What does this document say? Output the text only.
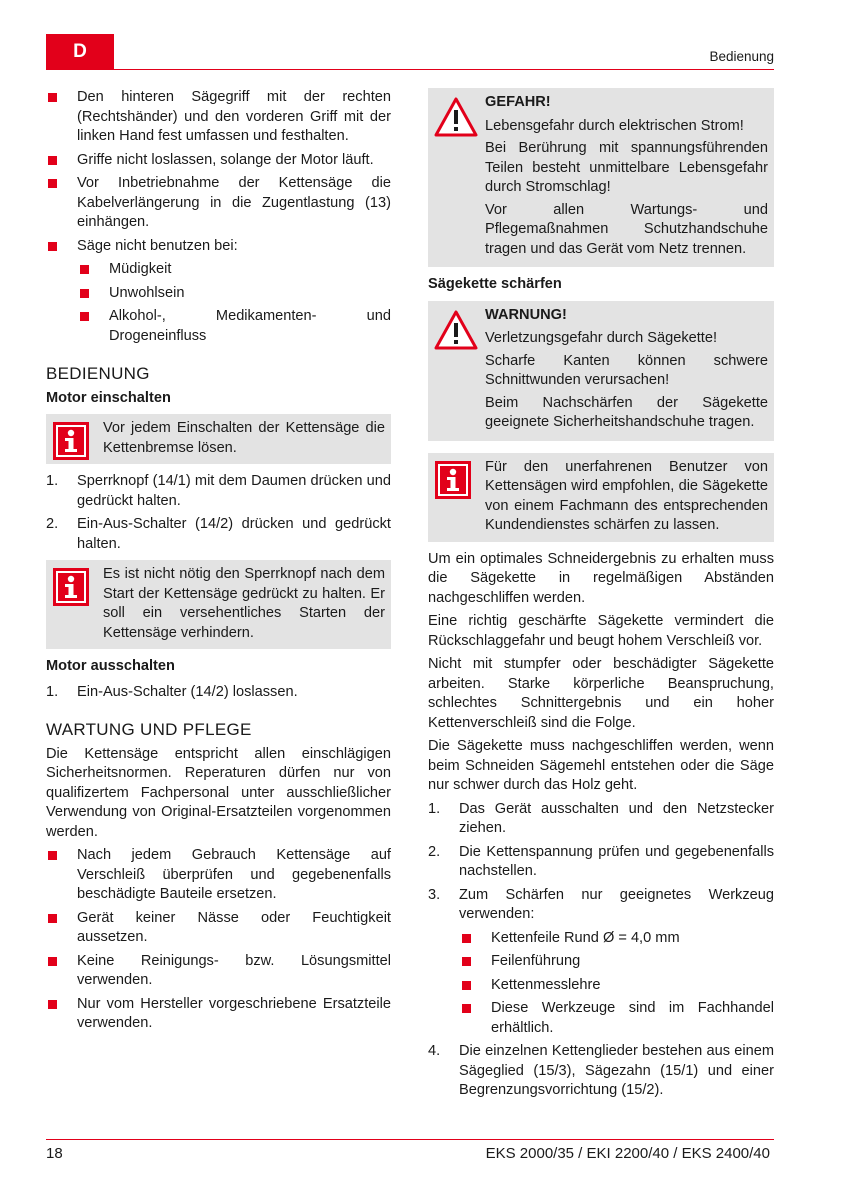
D	Bedienung
Den hinteren Sägegriff mit der rechten (Rechtshänder) und den vorderen Griff mit der linken Hand fest umfassen und festhalten.
Griffe nicht loslassen, solange der Motor läuft.
Vor Inbetriebnahme der Kettensäge die Kabelverlängerung in die Zugentlastung (13) einhängen.
Säge nicht benutzen bei:
Müdigkeit
Unwohlsein
Alkohol-, Medikamenten- und Drogeneinfluss
BEDIENUNG
Motor einschalten

Vor jedem Einschalten der Kettensäge die Kettenbremse lösen.

1. Sperrknopf (14/1) mit dem Daumen drücken und gedrückt halten.
2. Ein-Aus-Schalter (14/2) drücken und gedrückt halten.

Es ist nicht nötig den Sperrknopf nach dem Start der Kettensäge gedrückt zu halten. Er soll ein versehentliches Starten der Kettensäge verhindern.

Motor ausschalten
1. Ein-Aus-Schalter (14/2) loslassen.
WARTUNG UND PFLEGE

Die Kettensäge entspricht allen einschlägigen Sicherheitsnormen. Reperaturen dürfen nur von qualifizertem Fachpersonal unter ausschließlicher Verwendung von Original-Ersatzteilen vorgenommen werden.

Nach jedem Gebrauch Kettensäge auf Verschleiß überprüfen und gegebenenfalls beschädigte Bauteile ersetzen.
Gerät keiner Nässe oder Feuchtigkeit aussetzen.
Keine Reinigungs- bzw. Lösungsmittel verwenden.
Nur vom Hersteller vorgeschriebene Ersatzteile verwenden.

GEFAHR!

Lebensgefahr durch elektrischen Strom!

Bei Berührung mit spannungsführenden Teilen besteht unmittelbare Lebensgefahr durch Stromschlag!

Vor allen Wartungs- und Pflegemaßnahmen Schutzhandschuhe tragen und das Gerät vom Netz trennen.

Sägekette schärfen

WARNUNG!

Verletzungsgefahr durch Sägekette!

Scharfe Kanten können schwere Schnittwunden verursachen!

Beim Nachschärfen der Sägekette geeignete Sicherheitshandschuhe tragen.

Für den unerfahrenen Benutzer von Kettensägen wird empfohlen, die Sägekette von einem Fachmann des entsprechenden Kundendienstes schärfen zu lassen.

Um ein optimales Schneidergebnis zu erhalten muss die Sägekette in regelmäßigen Abständen nachgeschliffen werden.

Eine richtig geschärfte Sägekette vermindert die Rückschlaggefahr und beugt hohem Verschleiß vor.

Nicht mit stumpfer oder beschädigter Sägekette arbeiten. Starke körperliche Beanspruchung, schlechtes Schnittergebnis und ein hoher Kettenverschleiß sind die Folge.

Die Sägekette muss nachgeschliffen werden, wenn beim Schneiden Sägemehl entstehen oder die Säge nur schwer durch das Holz geht.

1. Das Gerät ausschalten und den Netzstecker ziehen.
2. Die Kettenspannung prüfen und gegebenenfalls nachstellen.
3. Zum Schärfen nur geeignetes Werkzeug verwenden:
Kettenfeile Rund Ø = 4,0 mm
Feilenführung
Kettenmesslehre
Diese Werkzeuge sind im Fachhandel erhältlich.
4. Die einzelnen Kettenglieder bestehen aus einem Sägeglied (15/3), Sägezahn (15/1) und einer Begrenzungsvorrichtung (15/2).
18	EKS 2000/35 / EKI 2200/40 / EKS 2400/40
